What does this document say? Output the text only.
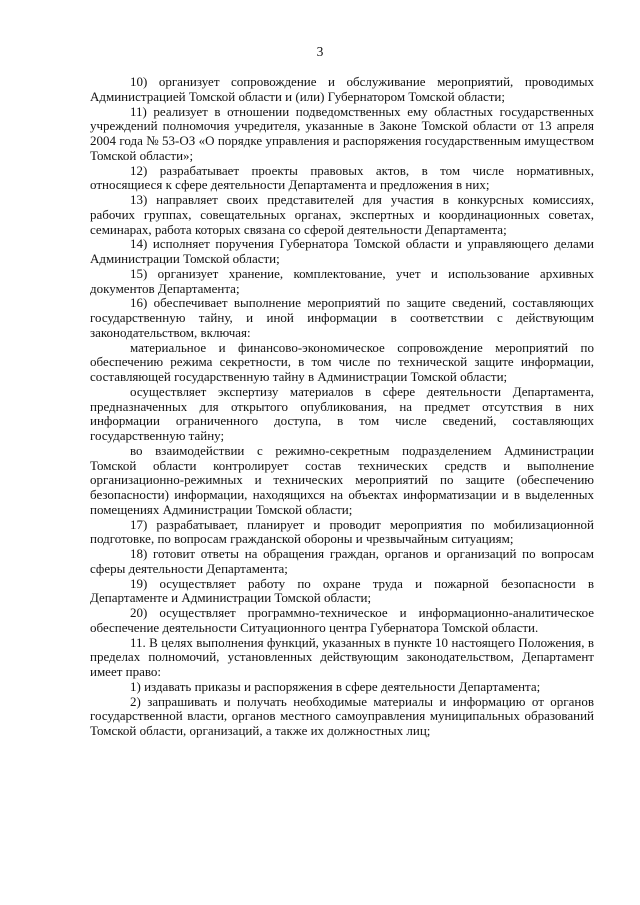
3

10) организует сопровождение и обслуживание мероприятий, проводимых Администрацией Томской области и (или) Губернатором Томской области;

11) реализует в отношении подведомственных ему областных государственных учреждений полномочия учредителя, указанные в Законе Томской области от 13 апреля 2004 года № 53-ОЗ «О порядке управления и распоряжения государственным имуществом Томской области»;

12) разрабатывает проекты правовых актов, в том числе нормативных, относящиеся к сфере деятельности Департамента и предложения в них;

13) направляет своих представителей для участия в конкурсных комиссиях, рабочих группах, совещательных органах, экспертных и координационных советах, семинарах, работа которых связана со сферой деятельности Департамента;

14) исполняет поручения Губернатора Томской области и управляющего делами Администрации Томской области;

15) организует хранение, комплектование, учет и использование архивных документов Департамента;

16) обеспечивает выполнение мероприятий по защите сведений, составляющих государственную тайну, и иной информации в соответствии с действующим законодательством, включая:

материальное и финансово-экономическое сопровождение мероприятий по обеспечению режима секретности, в том числе по технической защите информации, составляющей государственную тайну в Администрации Томской области;

осуществляет экспертизу материалов в сфере деятельности Департамента, предназначенных для открытого опубликования, на предмет отсутствия в них информации ограниченного доступа, в том числе сведений, составляющих государственную тайну;

во взаимодействии с режимно-секретным подразделением Администрации Томской области контролирует состав технических средств и выполнение организационно-режимных и технических мероприятий по защите (обеспечению безопасности) информации, находящихся на объектах информатизации и в выделенных помещениях Администрации Томской области;

17) разрабатывает, планирует и проводит мероприятия по мобилизационной подготовке, по вопросам гражданской обороны и чрезвычайным ситуациям;

18) готовит ответы на обращения граждан, органов и организаций по вопросам сферы деятельности Департамента;

19) осуществляет работу по охране труда и пожарной безопасности в Департаменте и Администрации Томской области;

20) осуществляет программно-техническое и информационно-аналитическое обеспечение деятельности Ситуационного центра Губернатора Томской области.

11. В целях выполнения функций, указанных в пункте 10 настоящего Положения, в пределах полномочий, установленных действующим законодательством, Департамент имеет право:

1) издавать приказы и распоряжения в сфере деятельности Департамента;

2) запрашивать и получать необходимые материалы и информацию от органов государственной власти, органов местного самоуправления муниципальных образований Томской области, организаций, а также их должностных лиц;
